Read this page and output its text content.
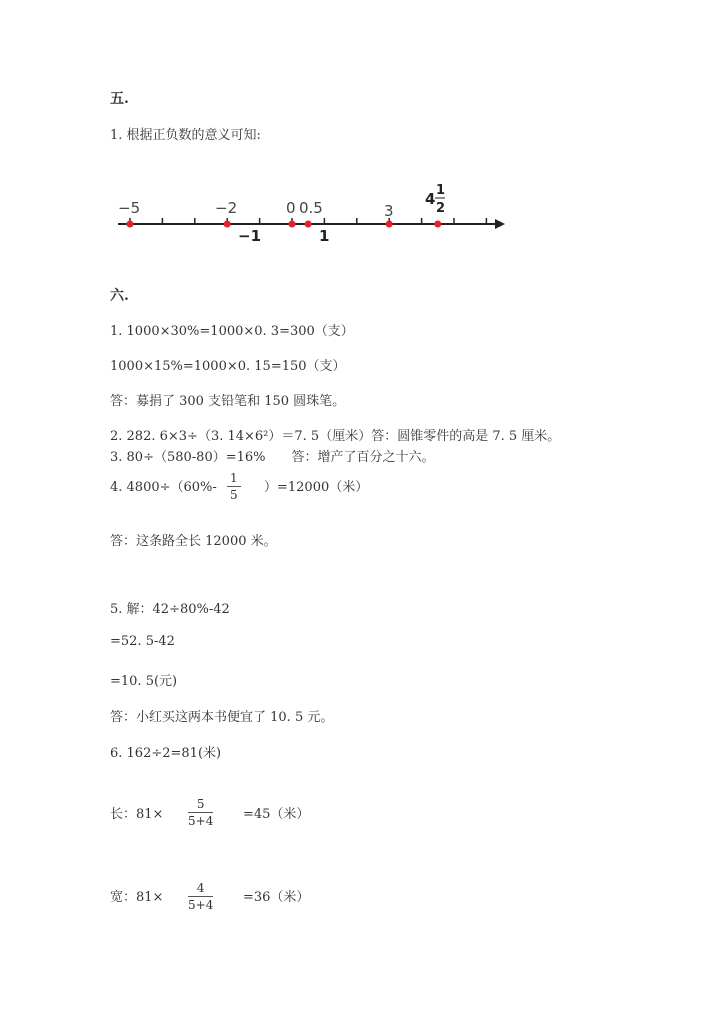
五.
1. 根据正负数的意义可知:
−5	−2	0 0.5	3
−1	1
4 1
2
六.
1. 1000×30%=1000×0. 3=300（支）
1000×15%=1000×0. 15=150（支）
答：募捐了 300 支铅笔和 150 圆珠笔。
2. 282. 6×3÷（3. 14×6²）＝7. 5（厘米）答：圆锥零件的高是 7. 5 厘米。
3. 80÷（580-80）=16%　　答：增产了百分之十六。
4. $4800\div(60\%- \frac{1}{5} )=12000$（米）
答：这条路全长 12000 米。
5. 解：42÷80%-42
=52. 5-42
=10. 5(元)
答：小红买这两本书便宜了 10. 5 元。
6. 162÷2=81(米)
长：$81\times \frac{5}{5+4} =45$（米）
宽：$81\times \frac{4}{5+4} =36$（米）
